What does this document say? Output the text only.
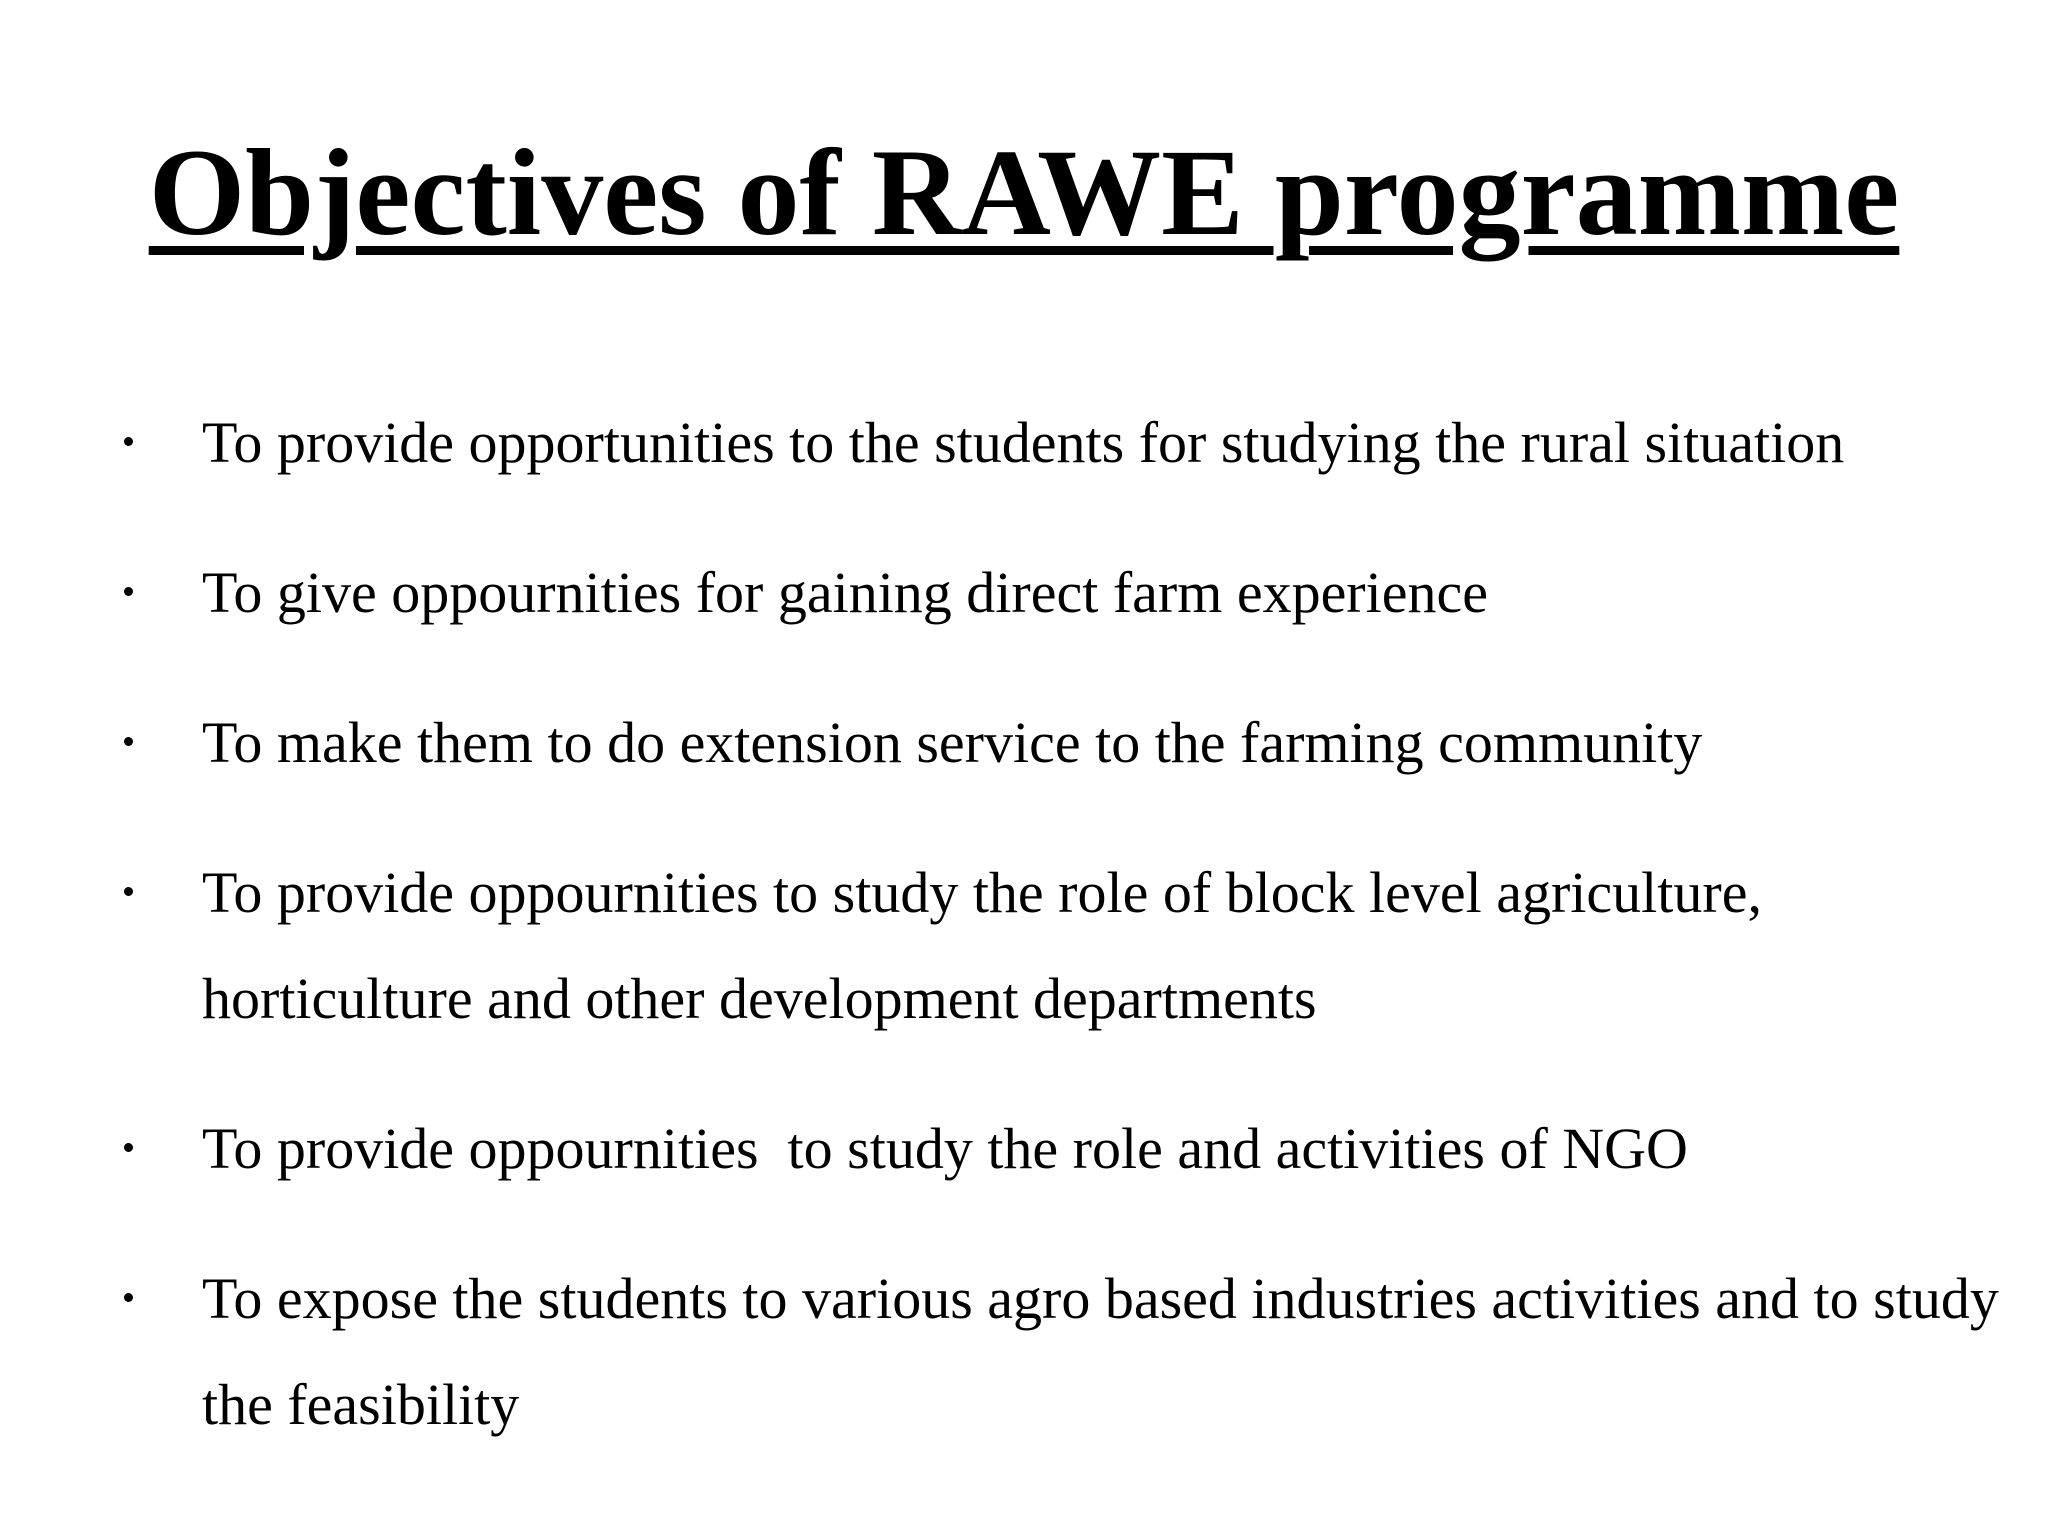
Objectives of RAWE programme
To provide opportunities to the students for studying the rural situation
To give oppournities for gaining direct farm experience
To make them to do extension service to the farming community
To provide oppournities to study the role of block level agriculture, horticulture and other development departments
To provide oppournities  to study the role and activities of NGO
To expose the students to various agro based industries activities and to study the feasibility
